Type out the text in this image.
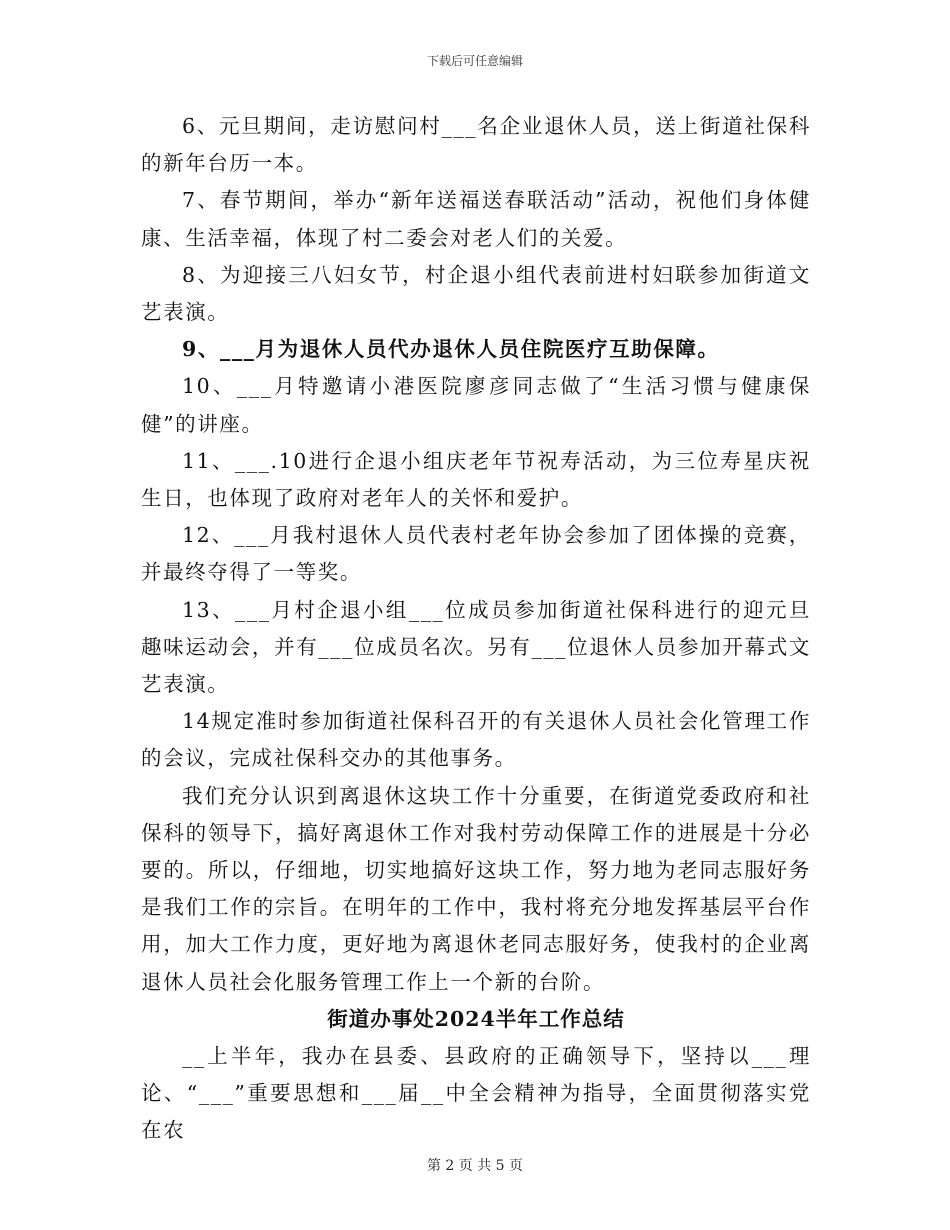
下载后可任意编辑

6、元旦期间，走访慰问村___名企业退休人员，送上街道社保科的新年台历一本。

7、春节期间，举办“新年送福送春联活动”活动，祝他们身体健康、生活幸福，体现了村二委会对老人们的关爱。

8、为迎接三八妇女节，村企退小组代表前进村妇联参加街道文艺表演。

9、___月为退休人员代办退休人员住院医疗互助保障。

10、___月特邀请小港医院廖彦同志做了“生活习惯与健康保健”的讲座。

11、___.10进行企退小组庆老年节祝寿活动，为三位寿星庆祝生日，也体现了政府对老年人的关怀和爱护。

12、___月我村退休人员代表村老年协会参加了团体操的竞赛，并最终夺得了一等奖。

13、___月村企退小组___位成员参加街道社保科进行的迎元旦趣味运动会，并有___位成员名次。另有___位退休人员参加开幕式文艺表演。

14规定准时参加街道社保科召开的有关退休人员社会化管理工作的会议，完成社保科交办的其他事务。

我们充分认识到离退休这块工作十分重要，在街道党委政府和社保科的领导下，搞好离退休工作对我村劳动保障工作的进展是十分必要的。所以，仔细地，切实地搞好这块工作，努力地为老同志服好务是我们工作的宗旨。在明年的工作中，我村将充分地发挥基层平台作用，加大工作力度，更好地为离退休老同志服好务，使我村的企业离退休人员社会化服务管理工作上一个新的台阶。

街道办事处2024半年工作总结

__上半年，我办在县委、县政府的正确领导下，坚持以___理论、“___”重要思想和___届__中全会精神为指导，全面贯彻落实党在农

第 2 页 共 5 页
